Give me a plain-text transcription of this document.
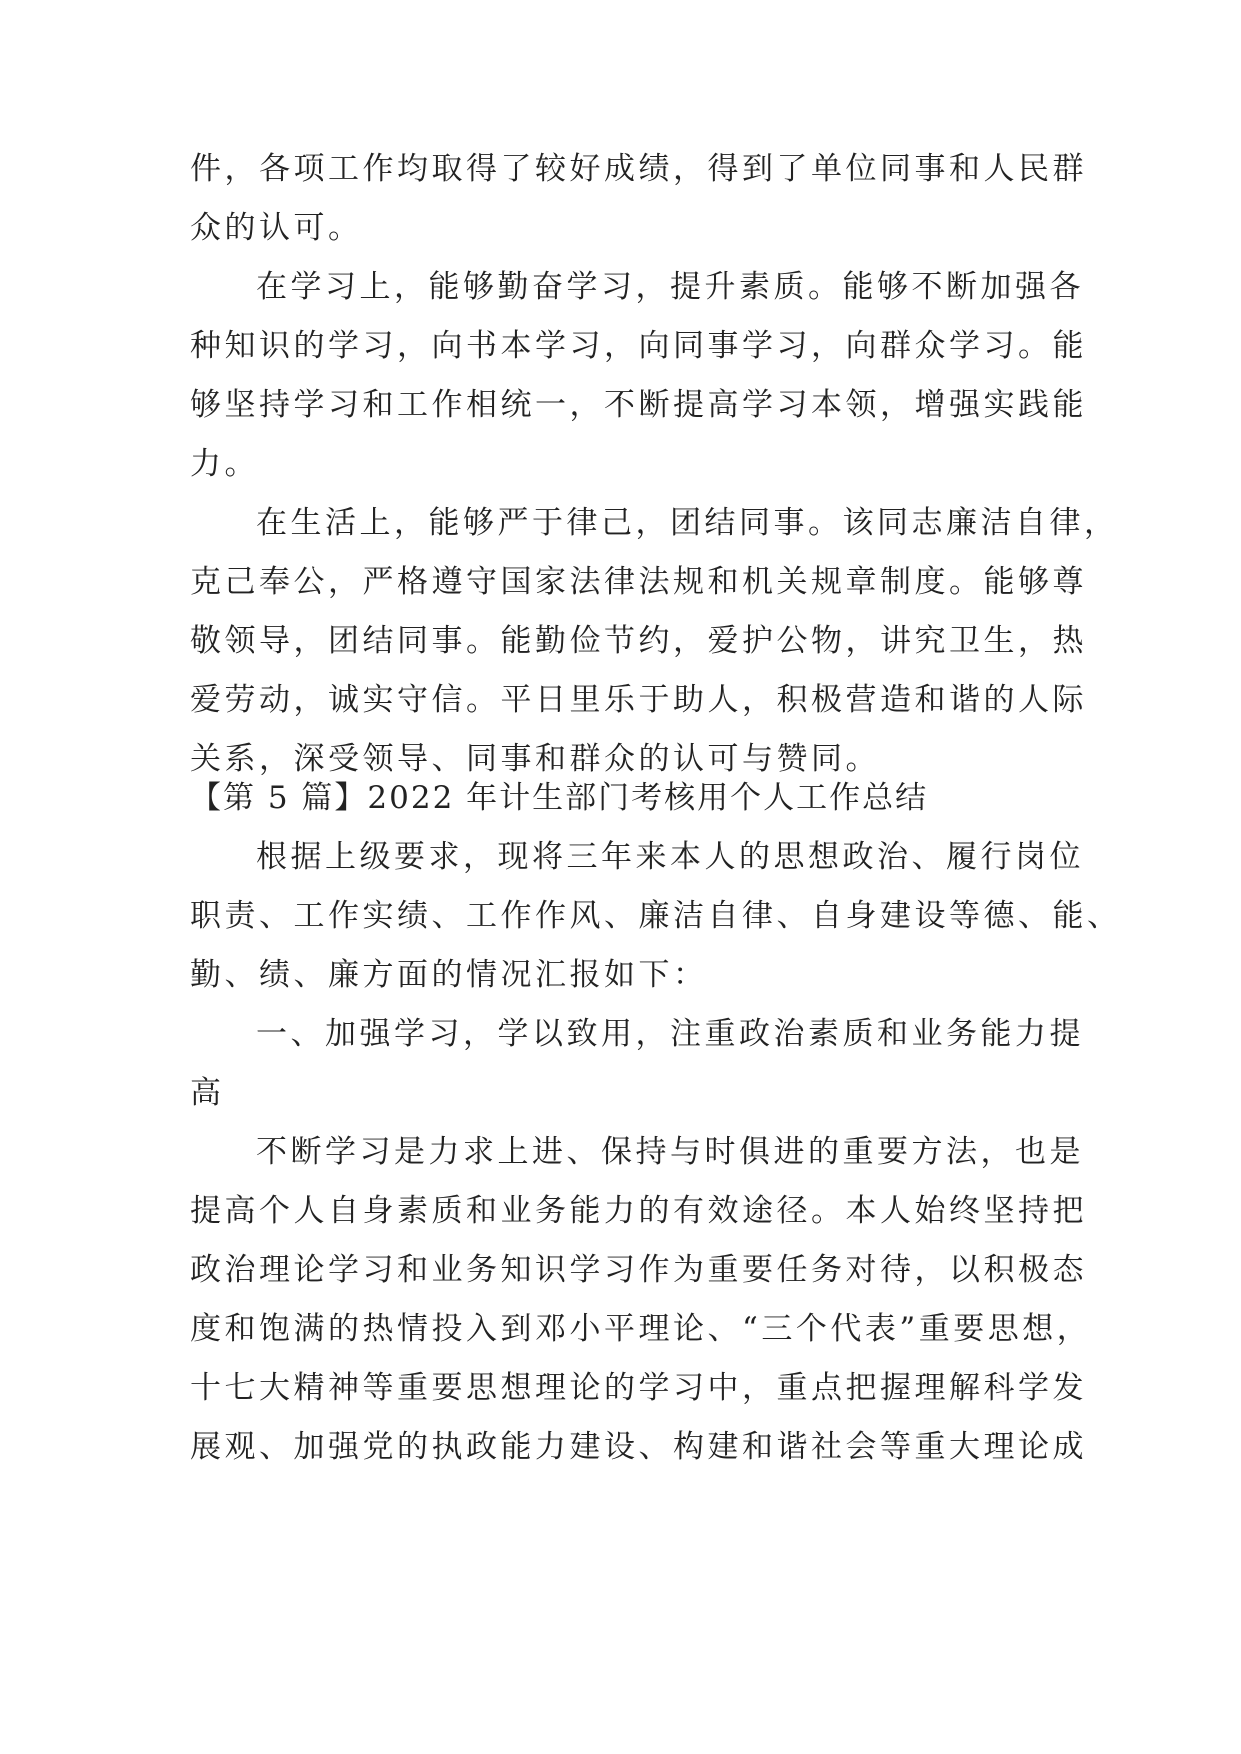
件，各项工作均取得了较好成绩，得到了单位同事和人民群
众的认可。
在学习上，能够勤奋学习，提升素质。能够不断加强各
种知识的学习，向书本学习，向同事学习，向群众学习。能
够坚持学习和工作相统一，不断提高学习本领，增强实践能
力。
在生活上，能够严于律己，团结同事。该同志廉洁自律，
克己奉公，严格遵守国家法律法规和机关规章制度。能够尊
敬领导，团结同事。能勤俭节约，爱护公物，讲究卫生，热
爱劳动，诚实守信。平日里乐于助人，积极营造和谐的人际
关系，深受领导、同事和群众的认可与赞同。
【第 5 篇】2022 年计生部门考核用个人工作总结
根据上级要求，现将三年来本人的思想政治、履行岗位
职责、工作实绩、工作作风、廉洁自律、自身建设等德、能、
勤、绩、廉方面的情况汇报如下：
一、加强学习，学以致用，注重政治素质和业务能力提
高
不断学习是力求上进、保持与时俱进的重要方法，也是
提高个人自身素质和业务能力的有效途径。本人始终坚持把
政治理论学习和业务知识学习作为重要任务对待，以积极态
度和饱满的热情投入到邓小平理论、“三个代表”重要思想，
十七大精神等重要思想理论的学习中，重点把握理解科学发
展观、加强党的执政能力建设、构建和谐社会等重大理论成
